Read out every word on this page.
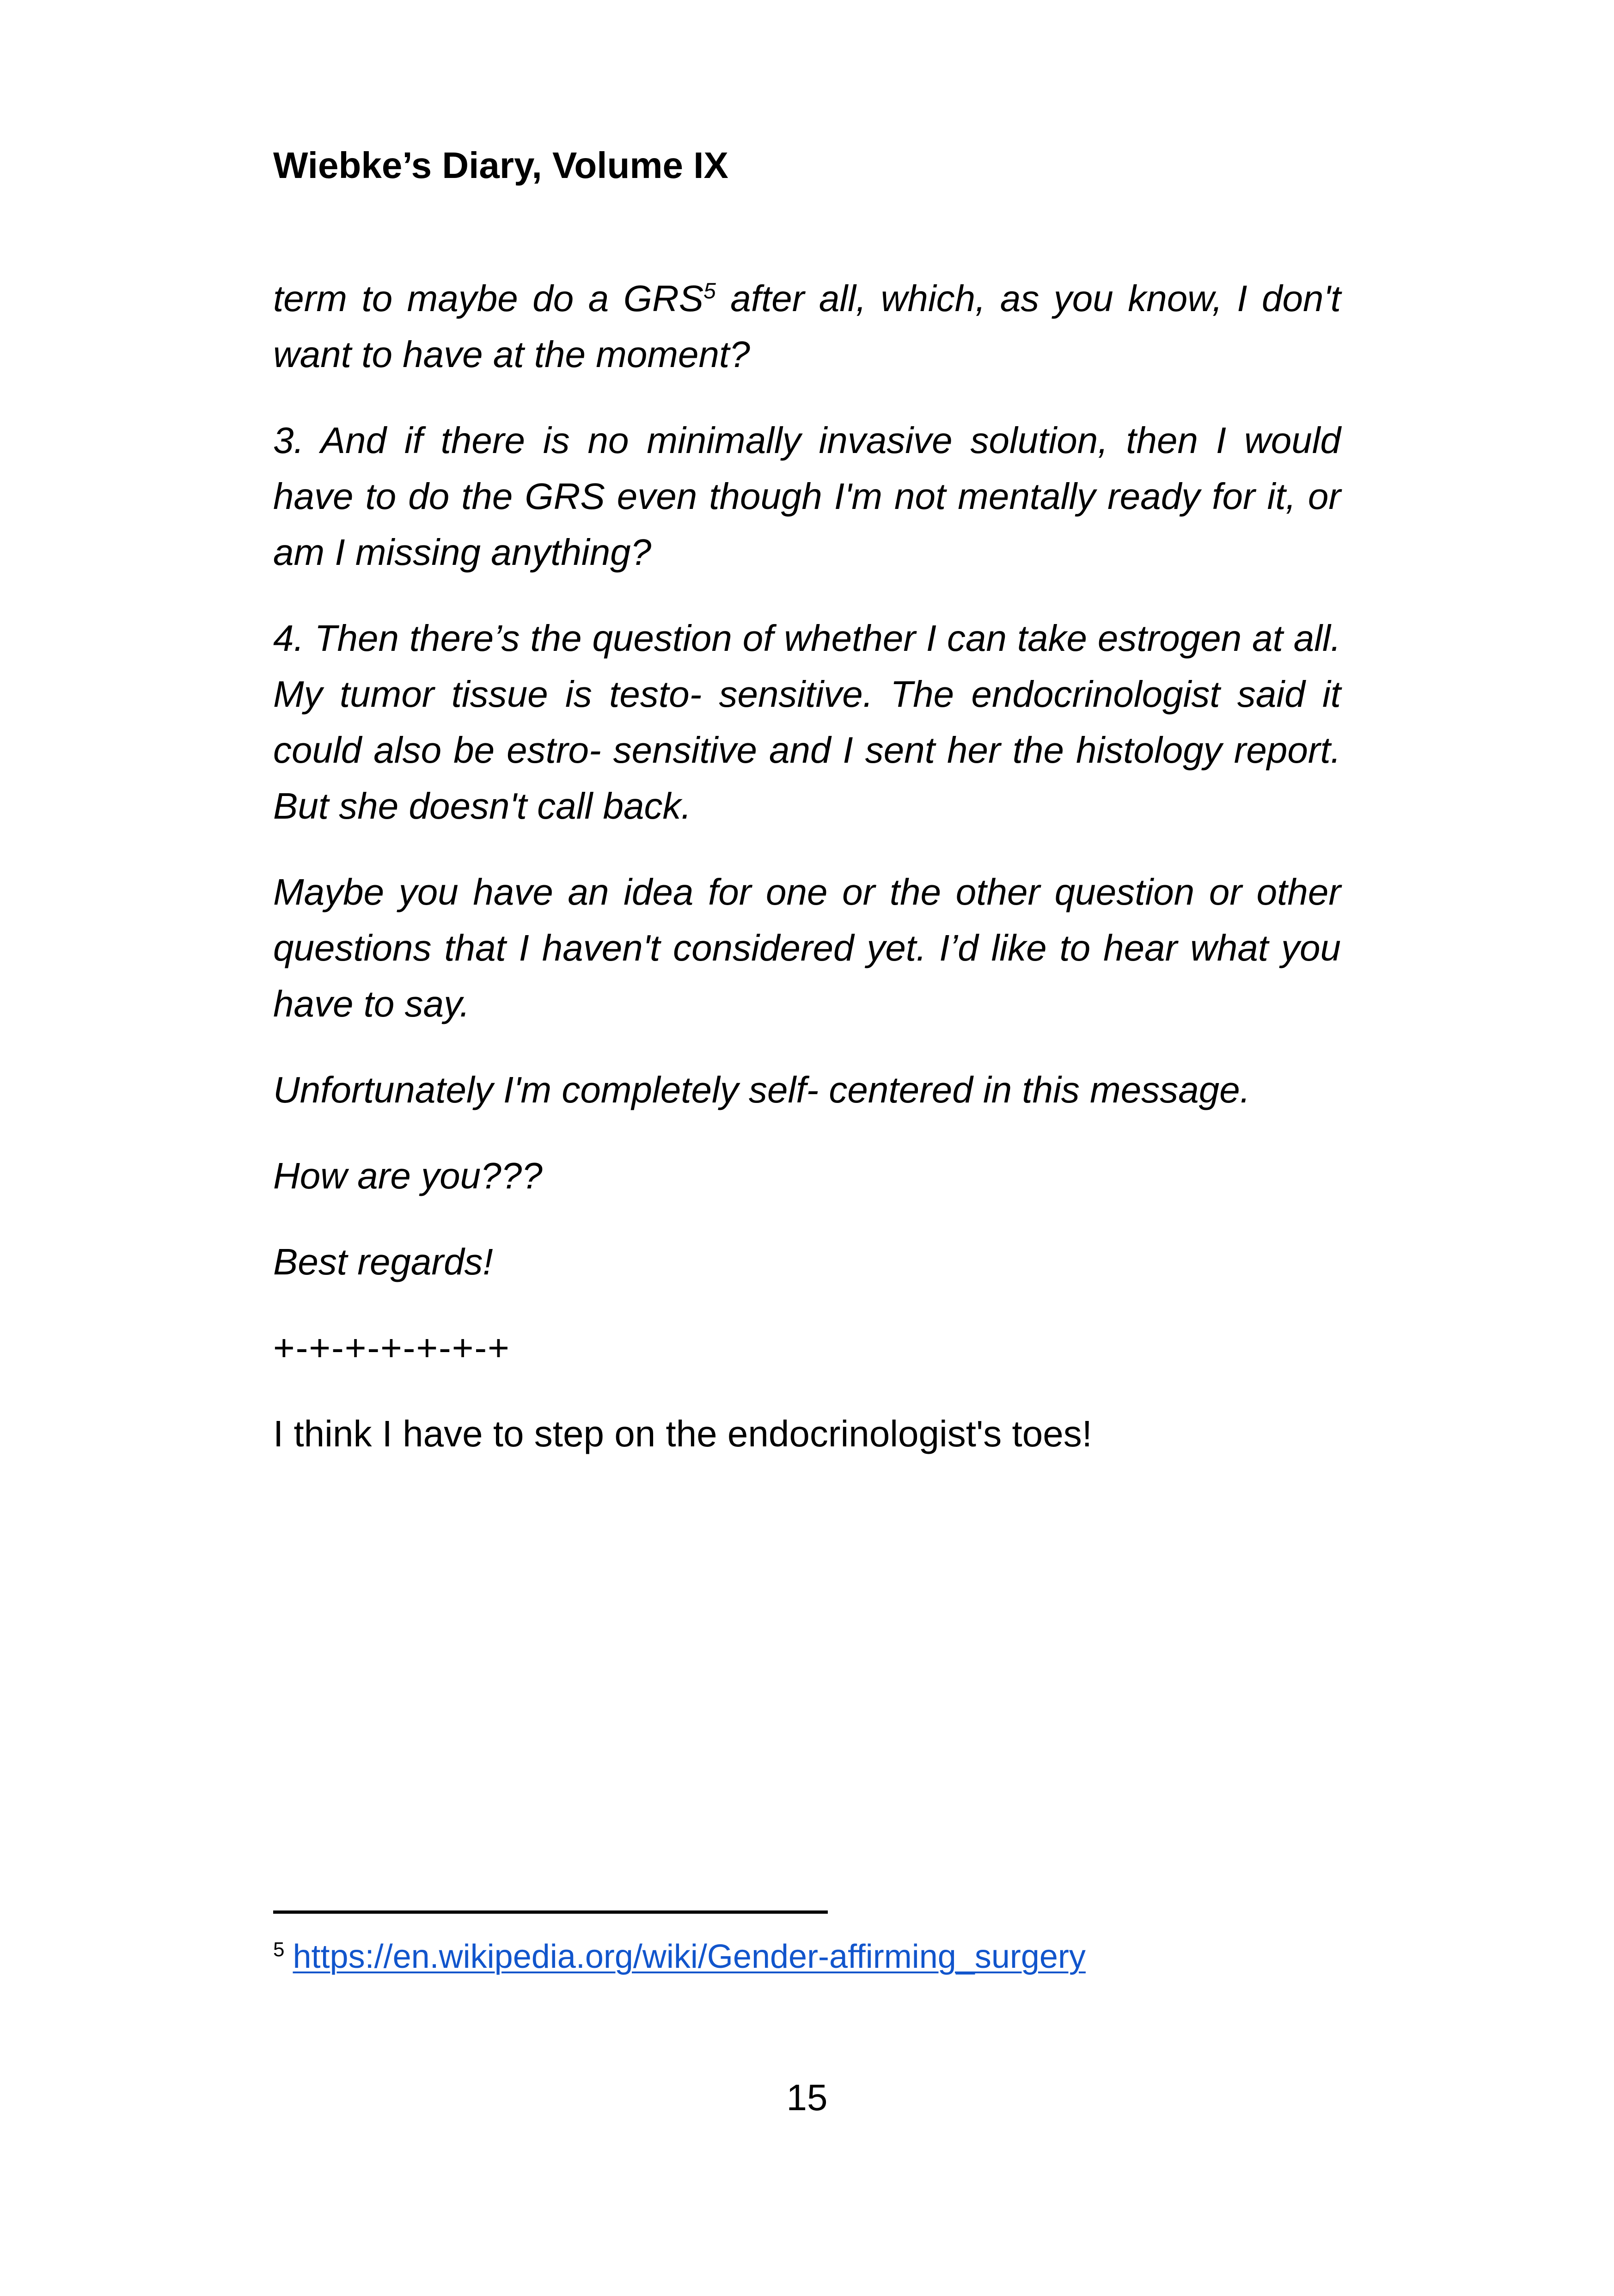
Wiebke’s Diary, Volume IX

term to maybe do a GRS$^5$ after all, which, as you know, I don't want to have at the moment?

3. And if there is no minimally invasive solution, then I would have to do the GRS even though I'm not mentally ready for it, or am I missing anything?

4. Then there’s the question of whether I can take estrogen at all. My tumor tissue is testo- sensitive. The endocrinologist said it could also be estro- sensitive and I sent her the histology report. But she doesn't call back.

Maybe you have an idea for one or the other question or other questions that I haven't considered yet. I’d like to hear what you have to say.

Unfortunately I'm completely self- centered in this message.

How are you???

Best regards!

+-+-+-+-+-+-+

I think I have to step on the endocrinologist's toes!

$^5$ https://en.wikipedia.org/wiki/Gender-affirming_surgery
15
